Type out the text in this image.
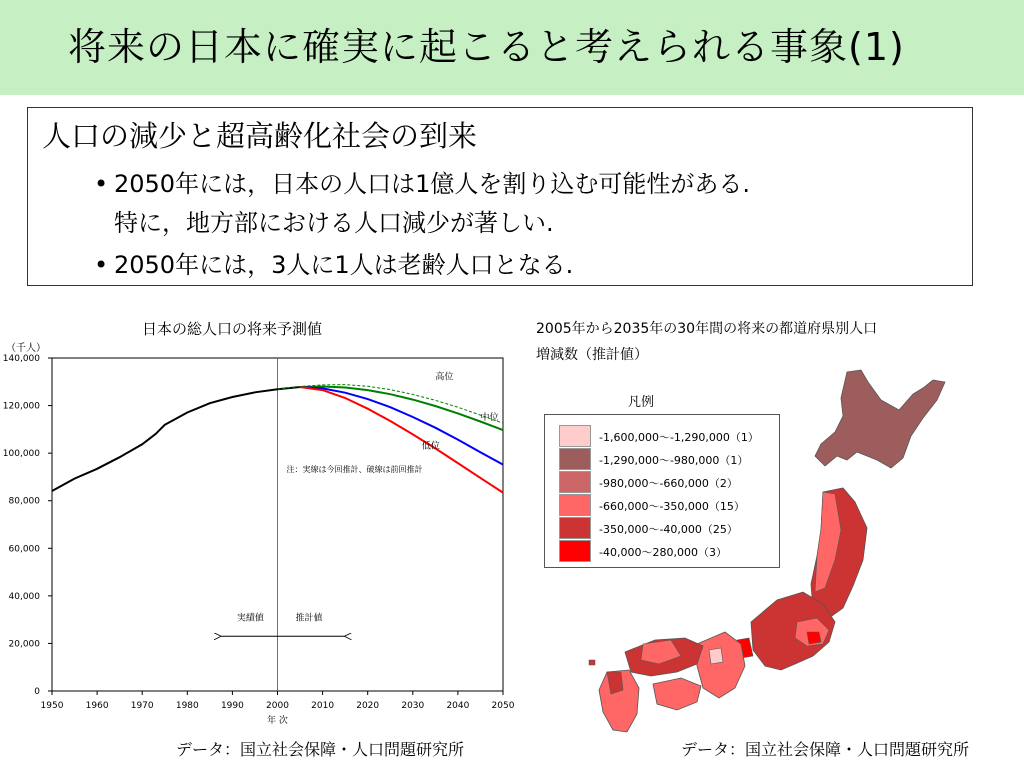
将来の日本に確実に起こると考えられる事象(1)
人口の減少と超高齢化社会の到来
• 2050年には，日本の人口は1億人を割り込む可能性がある.
特に，地方部における人口減少が著しい.
• 2050年には，3人に1人は老齢人口となる.
日本の総人口の将来予測値
（千人）
1950 1960 1970 1980 1990 2000 2010 2020 2030 2040 2050
0
20,000
40,000
60,000
80,000
100,000
120,000
140,000
年 次
高位
中位
低位
注：実線は今回推計、破線は前回推計
実績値	推計値
データ：国立社会保障・人口問題研究所
2005年から2035年の30年間の将来の都道府県別人口
増減数（推計値）
凡例
-1,600,000〜-1,290,000（1）
-1,290,000〜-980,000（1）
-980,000〜-660,000（2）
-660,000〜-350,000（15）
-350,000〜-40,000（25）
-40,000〜280,000（3）
データ：国立社会保障・人口問題研究所
